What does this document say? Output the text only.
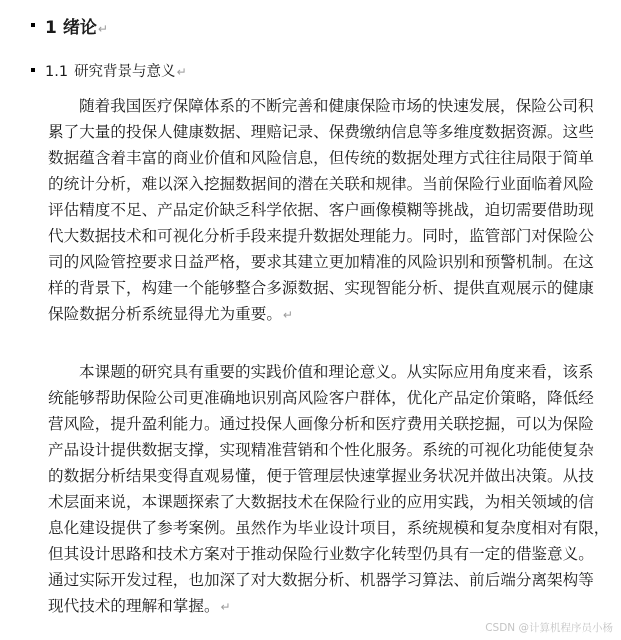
1 绪论 ↵
1.1 研究背景与意义 ↵
随着我国医疗保障体系的不断完善和健康保险市场的快速发展，保险公司积
累了大量的投保人健康数据、理赔记录、保费缴纳信息等多维度数据资源。这些
数据蕴含着丰富的商业价值和风险信息，但传统的数据处理方式往往局限于简单
的统计分析，难以深入挖掘数据间的潜在关联和规律。当前保险行业面临着风险
评估精度不足、产品定价缺乏科学依据、客户画像模糊等挑战，迫切需要借助现
代大数据技术和可视化分析手段来提升数据处理能力。同时，监管部门对保险公
司的风险管控要求日益严格，要求其建立更加精准的风险识别和预警机制。在这
样的背景下，构建一个能够整合多源数据、实现智能分析、提供直观展示的健康
保险数据分析系统显得尤为重要。↵
本课题的研究具有重要的实践价值和理论意义。从实际应用角度来看，该系
统能够帮助保险公司更准确地识别高风险客户群体，优化产品定价策略，降低经
营风险，提升盈利能力。通过投保人画像分析和医疗费用关联挖掘，可以为保险
产品设计提供数据支撑，实现精准营销和个性化服务。系统的可视化功能使复杂
的数据分析结果变得直观易懂，便于管理层快速掌握业务状况并做出决策。从技
术层面来说，本课题探索了大数据技术在保险行业的应用实践，为相关领域的信
息化建设提供了参考案例。虽然作为毕业设计项目，系统规模和复杂度相对有限，
但其设计思路和技术方案对于推动保险行业数字化转型仍具有一定的借鉴意义。
通过实际开发过程，也加深了对大数据分析、机器学习算法、前后端分离架构等
现代技术的理解和掌握。↵
CSDN @计算机程序员小杨
